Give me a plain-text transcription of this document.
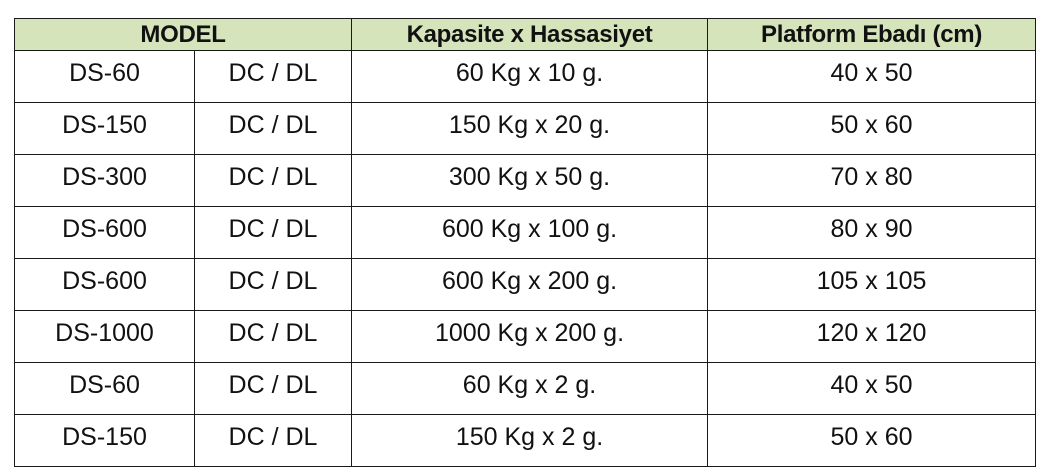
MODEL		Kapasite x Hassasiyet	Platform Ebadı (cm)
DS-60	DC / DL	60 Kg x 10 g.	40 x 50
DS-150	DC / DL	150 Kg x 20 g.	50 x 60
DS-300	DC / DL	300 Kg x 50 g.	70 x 80
DS-600	DC / DL	600 Kg x 100 g.	80 x 90
DS-600	DC / DL	600 Kg x 200 g.	105 x 105
DS-1000	DC / DL	1000 Kg x 200 g.	120 x 120
DS-60	DC / DL	60 Kg x 2 g.	40 x 50
DS-150	DC / DL	150 Kg x 2 g.	50 x 60
